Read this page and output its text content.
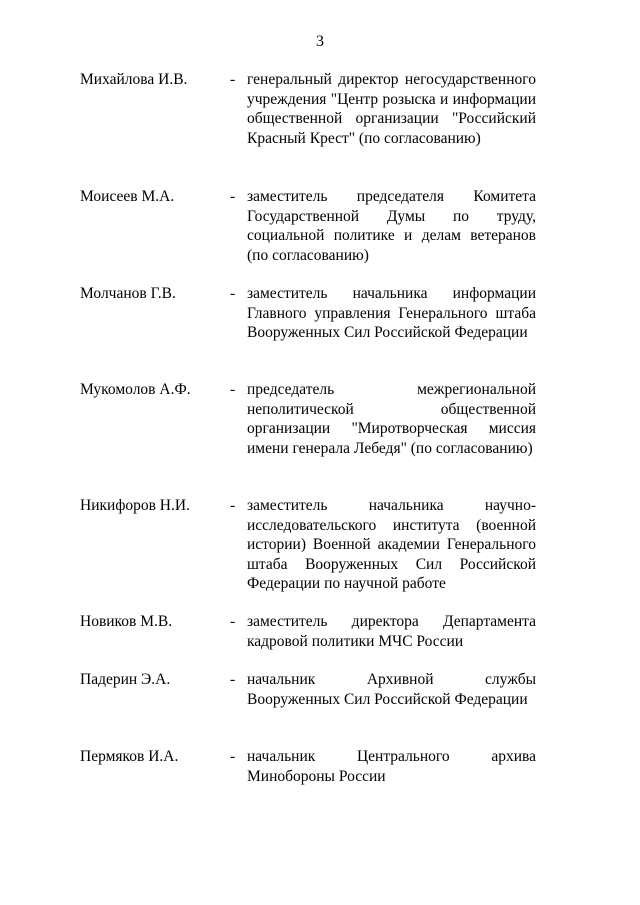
3
Михайлова И.В.	- генеральный директор негосударственного учреждения "Центр розыска и информации общественной организации "Российский Красный Крест" (по согласованию)
Моисеев М.А.	- заместитель председателя Комитета Государственной Думы по труду, социальной политике и делам ветеранов (по согласованию)
Молчанов Г.В.	- заместитель начальника информации Главного управления Генерального штаба Вооруженных Сил Российской Федерации
Мукомолов А.Ф.	- председатель межрегиональной неполитической общественной организации "Миротворческая миссия имени генерала Лебедя" (по согласованию)
Никифоров Н.И.	- заместитель начальника научно-исследовательского института (военной истории) Военной академии Генерального штаба Вооруженных Сил Российской Федерации по научной работе
Новиков М.В.	- заместитель директора Департамента кадровой политики МЧС России
Падерин Э.А.	- начальник Архивной службы Вооруженных Сил Российской Федерации
Пермяков И.А.	- начальник Центрального архива Минобороны России
